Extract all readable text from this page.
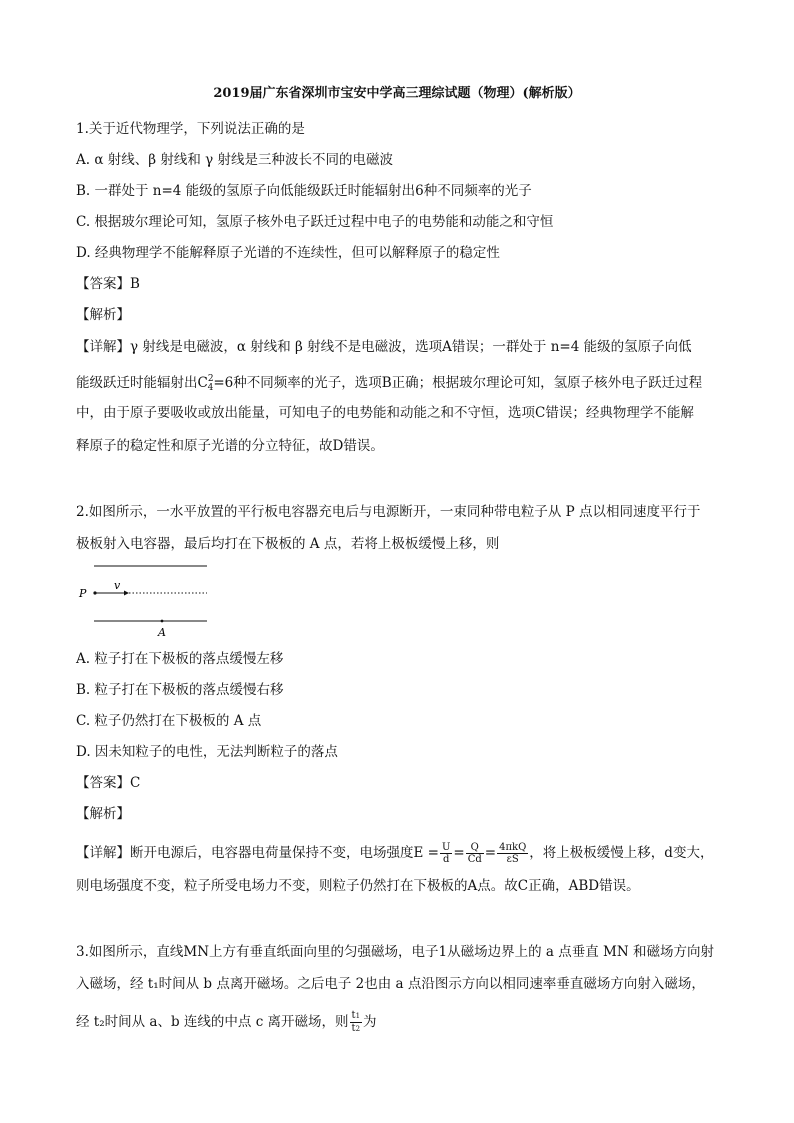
2019届广东省深圳市宝安中学高三理综试题（物理）(解析版）
1.关于近代物理学，下列说法正确的是
A. α 射线、β 射线和 γ 射线是三种波长不同的电磁波
B. 一群处于 n=4 能级的氢原子向低能级跃迁时能辐射出6种不同频率的光子
C. 根据玻尔理论可知，氢原子核外电子跃迁过程中电子的电势能和动能之和守恒
D. 经典物理学不能解释原子光谱的不连续性，但可以解释原子的稳定性
【答案】B
【解析】
【详解】γ 射线是电磁波，α 射线和 β 射线不是电磁波，选项A错误；一群处于 n=4 能级的氢原子向低
能级跃迁时能辐射出$C^2_4=6$种不同频率的光子，选项B正确；根据玻尔理论可知，氢原子核外电子跃迁过程
中，由于原子要吸收或放出能量，可知电子的电势能和动能之和不守恒，选项C错误；经典物理学不能解
释原子的稳定性和原子光谱的分立特征，故D错误。
2.如图所示，一水平放置的平行板电容器充电后与电源断开，一束同种带电粒子从 P 点以相同速度平行于
极板射入电容器，最后均打在下极板的 A 点，若将上极板缓慢上移，则
P
v
A
A. 粒子打在下极板的落点缓慢左移
B. 粒子打在下极板的落点缓慢右移
C. 粒子仍然打在下极板的 A 点
D. 因未知粒子的电性，无法判断粒子的落点
【答案】C
【解析】
【详解】断开电源后，电容器电荷量保持不变，电场强度$E = \frac{U}{d} = \frac{Q}{Cd} = \frac{\text{4πkQ}}{\varepsilon S}$ ，将上极板缓慢上移，d变大，
则电场强度不变，粒子所受电场力不变，则粒子仍然打在下极板的A点。故C正确，ABD错误。
3.如图所示，直线MN上方有垂直纸面向里的匀强磁场，电子1从磁场边界上的 a 点垂直 MN 和磁场方向射
入磁场，经 t₁时间从 b 点离开磁场。之后电子 2也由 a 点沿图示方向以相同速率垂直磁场方向射入磁场，
经 t₂时间从 a、b 连线的中点 c 离开磁场，则 $\frac{t1}{t2}$ 为
